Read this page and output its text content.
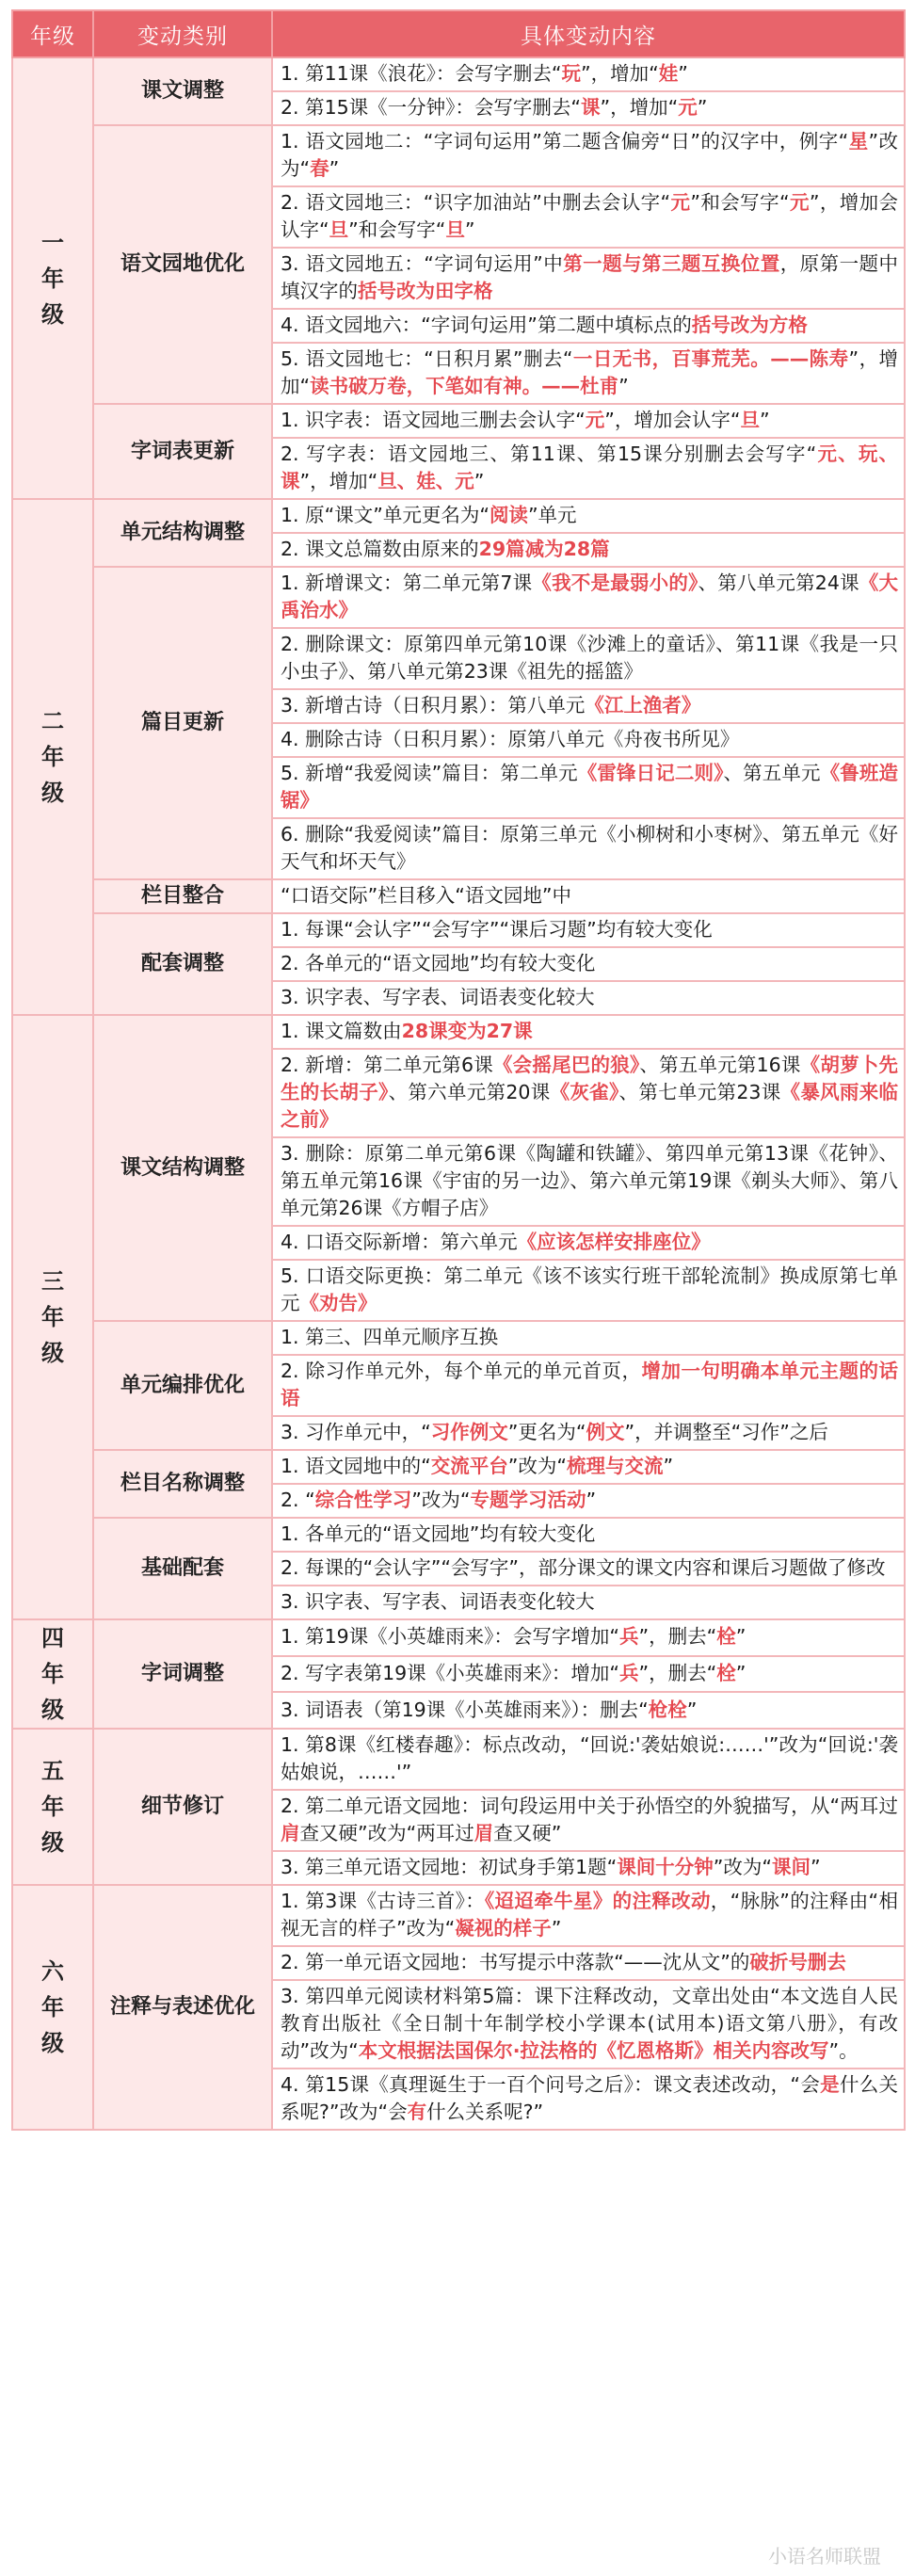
年级	变动类别	具体变动内容
一年级	课文调整	1. 第11课《浪花》：会写字删去“玩”，增加“娃”
		2. 第15课《一分钟》：会写字删去“课”，增加“元”
	语文园地优化	1. 语文园地二：“字词句运用”第二题含偏旁“日”的汉字中，例字“星”改为“春”
		2. 语文园地三：“识字加油站”中删去会认字“元”和会写字“元”，增加会认字“旦”和会写字“旦”
		3. 语文园地五：“字词句运用”中第一题与第三题互换位置，原第一题中填汉字的括号改为田字格
		4. 语文园地六：“字词句运用”第二题中填标点的括号改为方格
		5. 语文园地七：“日积月累”删去“一日无书，百事荒芜。——陈寿”，增加“读书破万卷，下笔如有神。——杜甫”
	字词表更新	1. 识字表：语文园地三删去会认字“元”，增加会认字“旦”
		2. 写字表：语文园地三、第11课、第15课分别删去会写字“元、玩、课”，增加“旦、娃、元”
二年级	单元结构调整	1. 原“课文”单元更名为“阅读”单元
		2. 课文总篇数由原来的29篇减为28篇
	篇目更新	1. 新增课文：第二单元第7课《我不是最弱小的》、第八单元第24课《大禹治水》
		2. 删除课文：原第四单元第10课《沙滩上的童话》、第11课《我是一只小虫子》、第八单元第23课《祖先的摇篮》
		3. 新增古诗（日积月累）：第八单元《江上渔者》
		4. 删除古诗（日积月累）：原第八单元《舟夜书所见》
		5. 新增“我爱阅读”篇目：第二单元《雷锋日记二则》、第五单元《鲁班造锯》
		6. 删除“我爱阅读”篇目：原第三单元《小柳树和小枣树》、第五单元《好天气和坏天气》
	栏目整合	“口语交际”栏目移入“语文园地”中
	配套调整	1. 每课“会认字”“会写字”“课后习题”均有较大变化
		2. 各单元的“语文园地”均有较大变化
		3. 识字表、写字表、词语表变化较大
三年级	课文结构调整	1. 课文篇数由28课变为27课
		2. 新增：第二单元第6课《会摇尾巴的狼》、第五单元第16课《胡萝卜先生的长胡子》、第六单元第20课《灰雀》、第七单元第23课《暴风雨来临之前》
		3. 删除：原第二单元第6课《陶罐和铁罐》、第四单元第13课《花钟》、第五单元第16课《宇宙的另一边》、第六单元第19课《剃头大师》、第八单元第26课《方帽子店》
		4. 口语交际新增：第六单元《应该怎样安排座位》
		5. 口语交际更换：第二单元《该不该实行班干部轮流制》换成原第七单元《劝告》
	单元编排优化	1. 第三、四单元顺序互换
		2. 除习作单元外，每个单元的单元首页，增加一句明确本单元主题的话语
		3. 习作单元中，“习作例文”更名为“例文”，并调整至“习作”之后
	栏目名称调整	1. 语文园地中的“交流平台”改为“梳理与交流”
		2. “综合性学习”改为“专题学习活动”
	基础配套	1. 各单元的“语文园地”均有较大变化
		2. 每课的“会认字”“会写字”，部分课文的课文内容和课后习题做了修改
		3. 识字表、写字表、词语表变化较大
四年级	字词调整	1. 第19课《小英雄雨来》：会写字增加“兵”，删去“栓”
		2. 写字表第19课《小英雄雨来》：增加“兵”，删去“栓”
		3. 词语表（第19课《小英雄雨来》）：删去“枪栓”
五年级	细节修订	1. 第8课《红楼春趣》：标点改动，“回说:'袭姑娘说:……'”改为“回说:'袭姑娘说，……'”
		2. 第二单元语文园地：词句段运用中关于孙悟空的外貌描写，从“两耳过肩查又硬”改为“两耳过眉查又硬”
		3. 第三单元语文园地：初试身手第1题“课间十分钟”改为“课间”
六年级	注释与表述优化	1. 第3课《古诗三首》：《迢迢牵牛星》的注释改动，“脉脉”的注释由“相视无言的样子”改为“凝视的样子”
		2. 第一单元语文园地：书写提示中落款“——沈从文”的破折号删去
		3. 第四单元阅读材料第5篇：课下注释改动，文章出处由“本文选自人民教育出版社《全日制十年制学校小学课本(试用本)语文第八册》，有改动”改为“本文根据法国保尔·拉法格的《忆恩格斯》相关内容改写”。
		4. 第15课《真理诞生于一百个问号之后》：课文表述改动，“会是什么关系呢?”改为“会有什么关系呢?”
小语名师联盟
